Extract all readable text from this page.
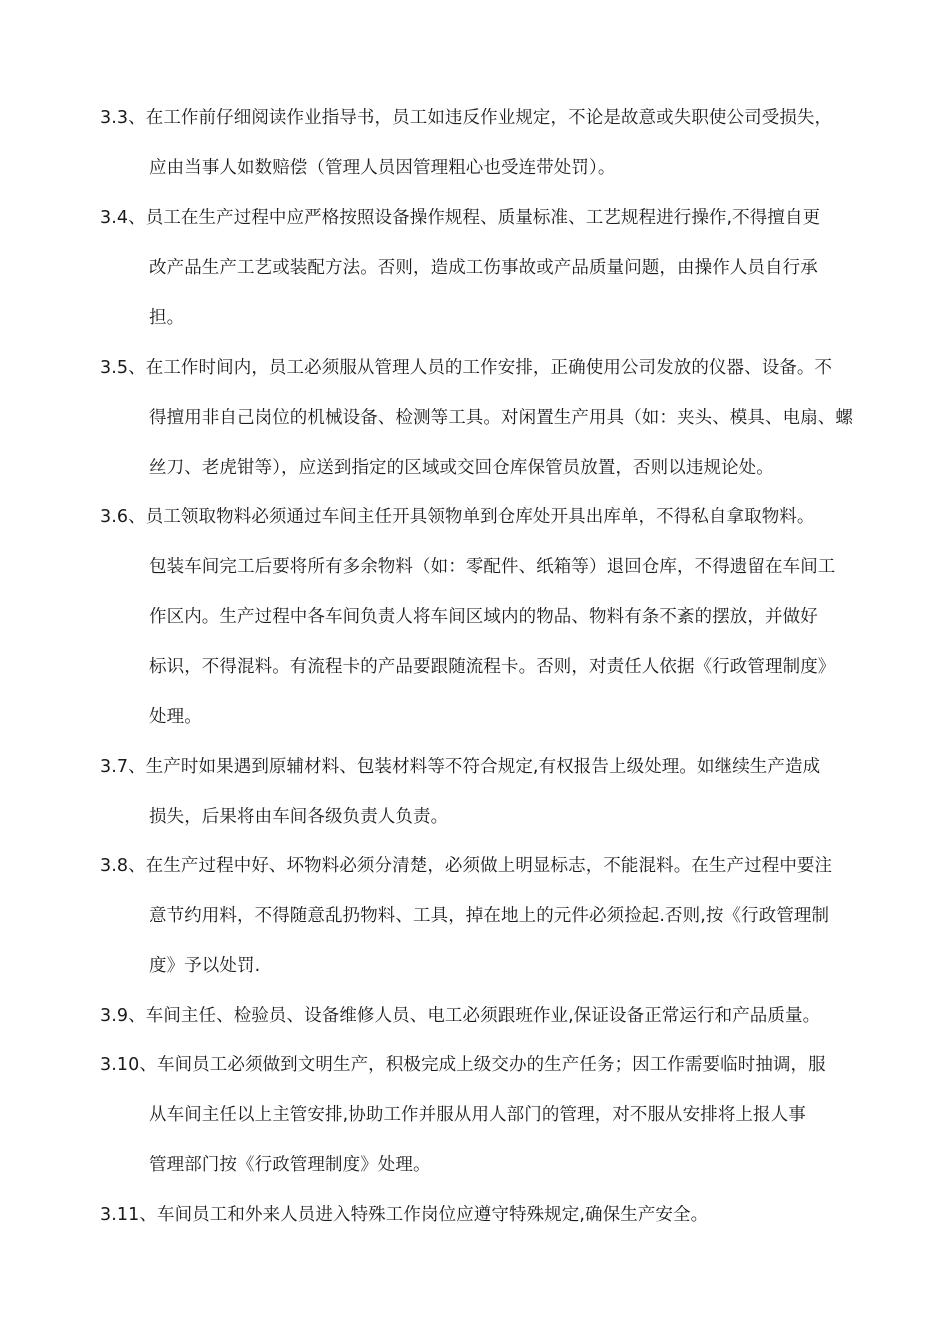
3.3、在工作前仔细阅读作业指导书，员工如违反作业规定，不论是故意或失职使公司受损失，
应由当事人如数赔偿（管理人员因管理粗心也受连带处罚）。
3.4、员工在生产过程中应严格按照设备操作规程、质量标准、工艺规程进行操作,不得擅自更
改产品生产工艺或装配方法。否则，造成工伤事故或产品质量问题，由操作人员自行承
担。
3.5、在工作时间内，员工必须服从管理人员的工作安排，正确使用公司发放的仪器、设备。不
得擅用非自己岗位的机械设备、检测等工具。对闲置生产用具（如：夹头、模具、电扇、螺
丝刀、老虎钳等），应送到指定的区域或交回仓库保管员放置，否则以违规论处。
3.6、员工领取物料必须通过车间主任开具领物单到仓库处开具出库单，不得私自拿取物料。
包装车间完工后要将所有多余物料（如：零配件、纸箱等）退回仓库，不得遗留在车间工
作区内。生产过程中各车间负责人将车间区域内的物品、物料有条不紊的摆放，并做好
标识，不得混料。有流程卡的产品要跟随流程卡。否则，对责任人依据《行政管理制度》
处理。
3.7、生产时如果遇到原辅材料、包装材料等不符合规定,有权报告上级处理。如继续生产造成
损失，后果将由车间各级负责人负责。
3.8、在生产过程中好、坏物料必须分清楚，必须做上明显标志，不能混料。在生产过程中要注
意节约用料，不得随意乱扔物料、工具，掉在地上的元件必须捡起.否则,按《行政管理制
度》予以处罚.
3.9、车间主任、检验员、设备维修人员、电工必须跟班作业,保证设备正常运行和产品质量。
3.10、车间员工必须做到文明生产，积极完成上级交办的生产任务；因工作需要临时抽调，服
从车间主任以上主管安排,协助工作并服从用人部门的管理，对不服从安排将上报人事
管理部门按《行政管理制度》处理。
3.11、车间员工和外来人员进入特殊工作岗位应遵守特殊规定,确保生产安全。
